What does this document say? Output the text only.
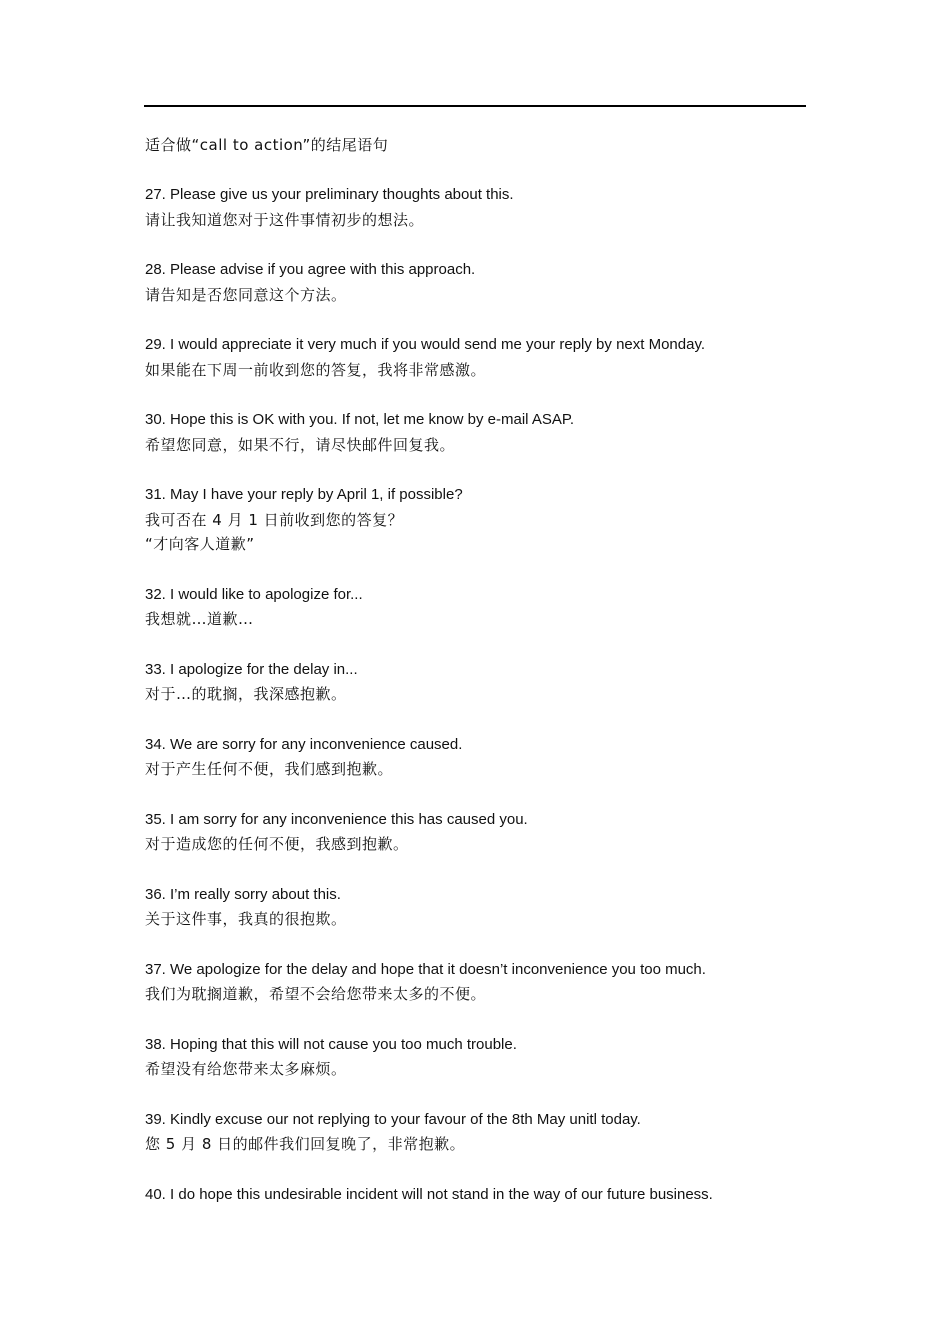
适合做“call to action”的结尾语句
27. Please give us your preliminary thoughts about this.
请让我知道您对于这件事情初步的想法。
28. Please advise if you agree with this approach.
请告知是否您同意这个方法。
29. I would appreciate it very much if you would send me your reply by next Monday.
如果能在下周一前收到您的答复，我将非常感激。
30. Hope this is OK with you. If not, let me know by e-mail ASAP.
希望您同意，如果不行，请尽快邮件回复我。
31. May I have your reply by April 1, if possible?
我可否在 4 月 1 日前收到您的答复？
“才向客人道歉”
32. I would like to apologize for...
我想就…道歉…
33. I apologize for the delay in...
对于…的耽搁，我深感抱歉。
34. We are sorry for any inconvenience caused.
对于产生任何不便，我们感到抱歉。
35. I am sorry for any inconvenience this has caused you.
对于造成您的任何不便，我感到抱歉。
36. I’m really sorry about this.
关于这件事，我真的很抱欺。
37. We apologize for the delay and hope that it doesn’t inconvenience you too much.
我们为耽搁道歉，希望不会给您带来太多的不便。
38. Hoping that this will not cause you too much trouble.
希望没有给您带来太多麻烦。
39. Kindly excuse our not replying to your favour of the 8th May unitl today.
您 5 月 8 日的邮件我们回复晚了，非常抱歉。
40. I do hope this undesirable incident will not stand in the way of our future business.
